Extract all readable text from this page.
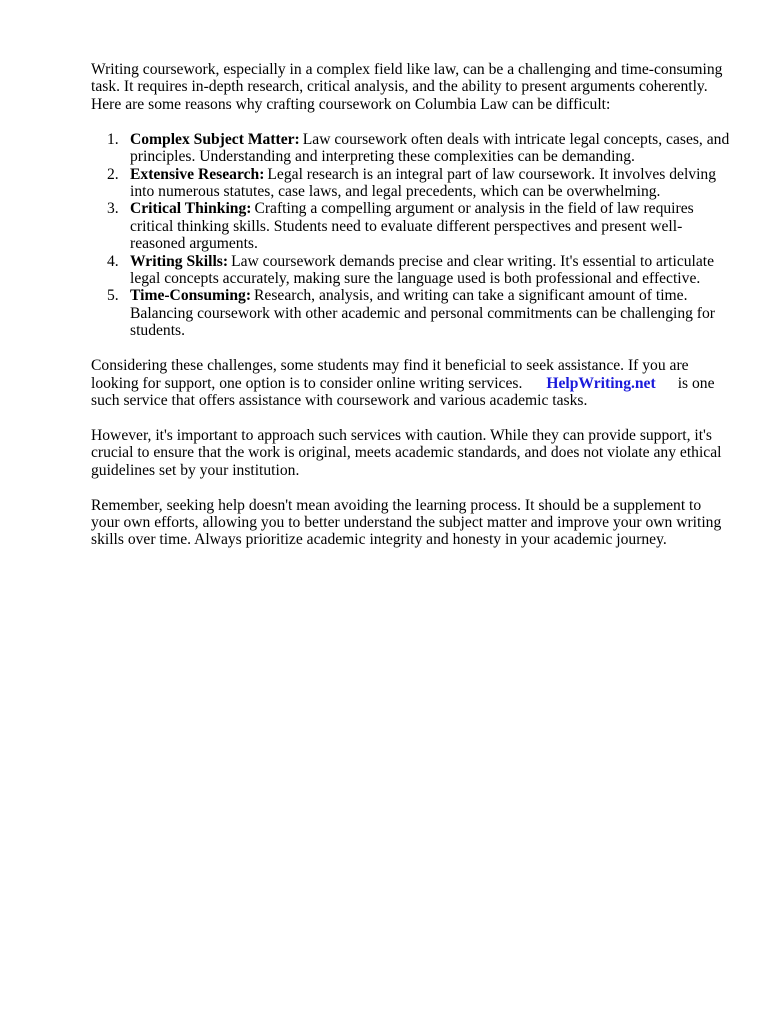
Writing coursework, especially in a complex field like law, can be a challenging and time-consuming task. It requires in-depth research, critical analysis, and the ability to present arguments coherently. Here are some reasons why crafting coursework on Columbia Law can be difficult:

1. Complex Subject Matter: Law coursework often deals with intricate legal concepts, cases, and principles. Understanding and interpreting these complexities can be demanding.
2. Extensive Research: Legal research is an integral part of law coursework. It involves delving into numerous statutes, case laws, and legal precedents, which can be overwhelming.
3. Critical Thinking: Crafting a compelling argument or analysis in the field of law requires critical thinking skills. Students need to evaluate different perspectives and present well-reasoned arguments.
4. Writing Skills: Law coursework demands precise and clear writing. It's essential to articulate legal concepts accurately, making sure the language used is both professional and effective.
5. Time-Consuming: Research, analysis, and writing can take a significant amount of time. Balancing coursework with other academic and personal commitments can be challenging for students.

Considering these challenges, some students may find it beneficial to seek assistance. If you are looking for support, one option is to consider online writing services. HelpWriting.net is one such service that offers assistance with coursework and various academic tasks.

However, it's important to approach such services with caution. While they can provide support, it's crucial to ensure that the work is original, meets academic standards, and does not violate any ethical guidelines set by your institution.

Remember, seeking help doesn't mean avoiding the learning process. It should be a supplement to your own efforts, allowing you to better understand the subject matter and improve your own writing skills over time. Always prioritize academic integrity and honesty in your academic journey.
